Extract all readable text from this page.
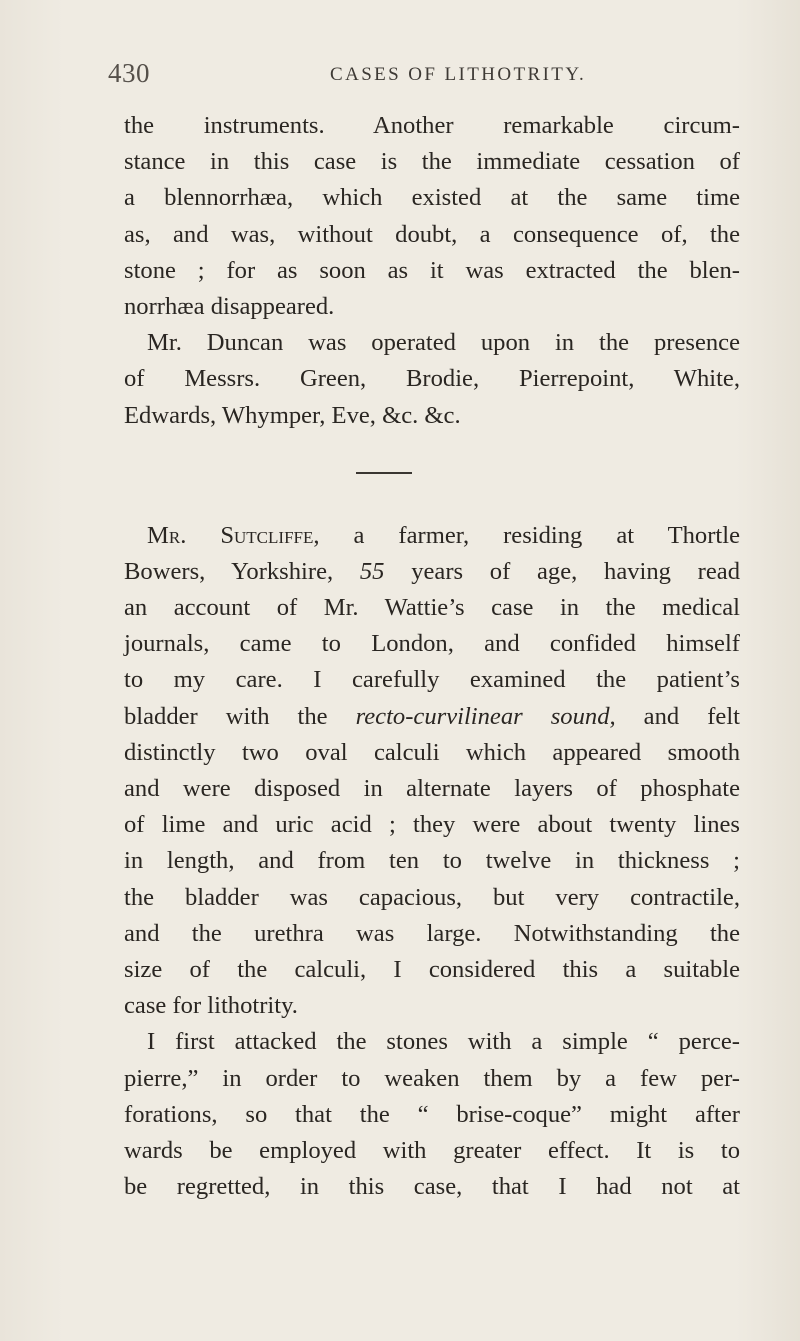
430	CASES OF LITHOTRITY.
the instruments. Another remarkable circum-
stance in this case is the immediate cessation of
a blennorrhæa, which existed at the same time
as, and was, without doubt, a consequence of, the
stone ; for as soon as it was extracted the blen-
norrhæa disappeared.
Mr. Duncan was operated upon in the presence
of Messrs. Green, Brodie, Pierrepoint, White,
Edwards, Whymper, Eve, &c. &c.
Mr. Sutcliffe, a farmer, residing at Thortle
Bowers, Yorkshire, 55 years of age, having read
an account of Mr. Wattie’s case in the medical
journals, came to London, and confided himself
to my care. I carefully examined the patient’s
bladder with the recto-curvilinear sound, and felt
distinctly two oval calculi which appeared smooth
and were disposed in alternate layers of phosphate
of lime and uric acid ; they were about twenty lines
in length, and from ten to twelve in thickness ;
the bladder was capacious, but very contractile,
and the urethra was large. Notwithstanding the
size of the calculi, I considered this a suitable
case for lithotrity.
I first attacked the stones with a simple “ perce-
pierre,” in order to weaken them by a few per-
forations, so that the “ brise-coque” might after
wards be employed with greater effect. It is to
be regretted, in this case, that I had not at
